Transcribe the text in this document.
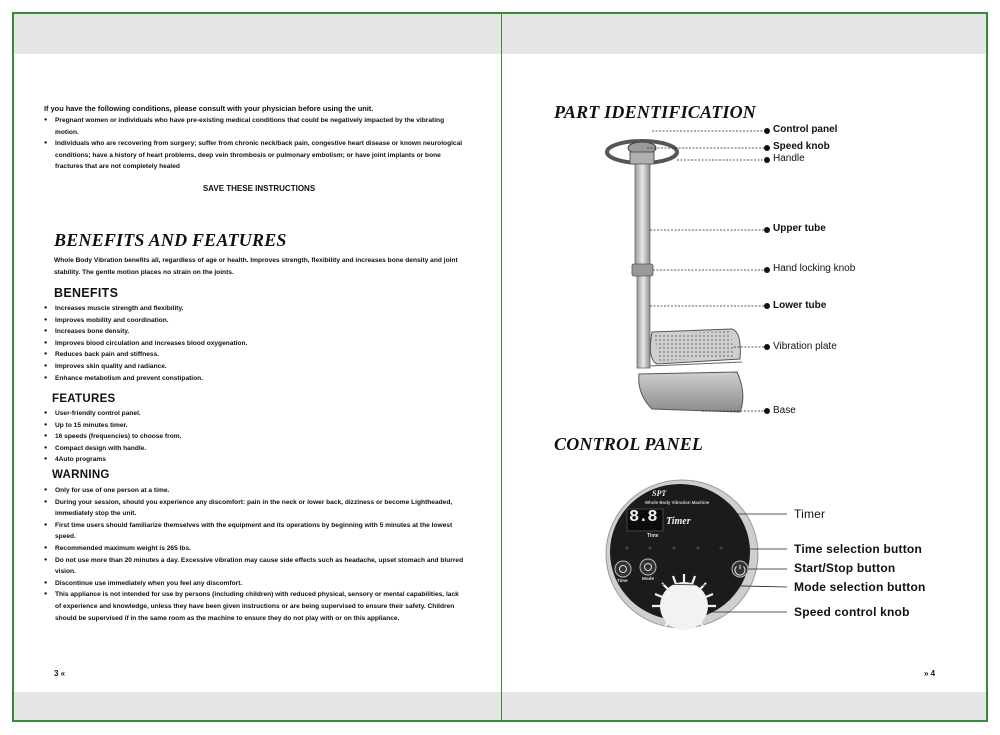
If you have the following conditions, please consult with your physician before using the unit.

● Pregnant women or individuals who have pre-existing medical conditions that could be negatively impacted by the vibrating motion.
● Individuals who are recovering from surgery; suffer from chronic neck/back pain, congestive heart disease or known neurological conditions; have a history of heart problems, deep vein thrombosis or pulmonary embolism; or have joint implants or bone fractures that are not completely healed

SAVE THESE INSTRUCTIONS

BENEFITS AND FEATURES

Whole Body Vibration benefits all, regardless of age or health. Improves strength, flexibility and increases bone density and joint stability. The gentle motion places no strain on the joints.

BENEFITS

● Increases muscle strength and flexibility.
● Improves mobility and coordination.
● Increases bone density.
● Improves blood circulation and increases blood oxygenation.
● Reduces back pain and stiffness.
● Improves skin quality and radiance.
● Enhance metabolism and prevent constipation.

FEATURES

● User-friendly control panel.
● Up to 15 minutes timer.
● 16 speeds (frequencies) to choose from.
● Compact design with handle.
● 4Auto programs

WARNING

● Only for use of one person at a time.
● During your session, should you experience any discomfort: pain in the neck or lower back, dizziness or become Lightheaded, immediately stop the unit.
● First time users should familiarize themselves with the equipment and its operations by beginning with 5 minutes at the lowest speed.
● Recommended maximum weight is 265 lbs.
● Do not use more than 20 minutes a day. Excessive vibration may cause side effects such as headache, upset stomach and blurred vision.
● Discontinue use immediately when you feel any discomfort.
● This appliance is not intended for use by persons (including children) with reduced physical, sensory or mental capabilities, lack of experience and knowledge, unless they have been given instructions or are being supervised to ensure their safety. Children should be supervised if in the same room as the machine to ensure they do not play with or on this appliance.

3 «

PART IDENTIFICATION

Control panel
Speed knob
Handle
Upper tube
Hand locking knob
Lower tube
Vibration plate
Base

CONTROL PANEL

SPT
Whole Body Vibration Machine
8.8 Timer
Time
Time	Mode
Timer
Time selection button
Start/Stop button
Mode selection button
Speed control knob

» 4
